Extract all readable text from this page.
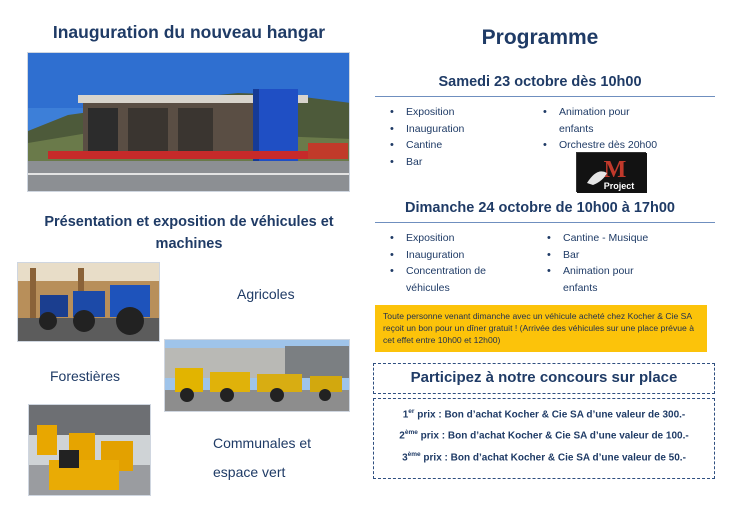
Inauguration du nouveau hangar
Présentation et exposition de véhicules et machines
Agricoles
Forestières
Communales et
espace vert
Programme
Samedi 23 octobre dès 10h00
• Exposition
• Inauguration
• Cantine
• Bar
• Animation pour enfants
• Orchestre dès 20h00
M
Project
Dimanche 24 octobre de 10h00 à 17h00
• Exposition
• Inauguration
• Concentration de véhicules
• Cantine - Musique
• Bar
• Animation pour enfants
Toute personne venant dimanche avec un véhicule acheté chez Kocher & Cie SA reçoit un bon pour un dîner gratuit ! (Arrivée des véhicules sur une place prévue à cet effet entre 10h00 et 12h00)
Participez à notre concours sur place
1er prix : Bon d’achat Kocher & Cie SA d’une valeur de 300.-
2ème prix : Bon d’achat Kocher & Cie SA d’une valeur de 100.-
3ème prix : Bon d’achat Kocher & Cie SA d’une valeur de 50.-
